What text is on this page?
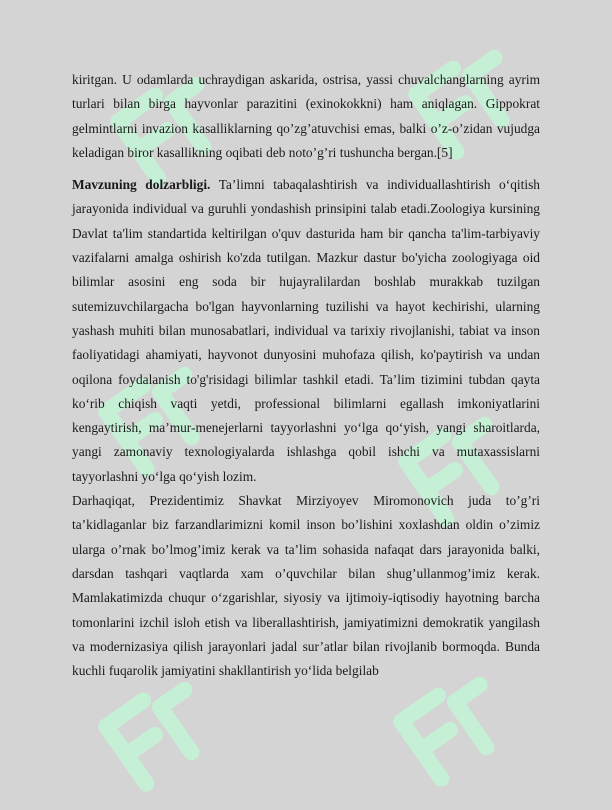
kiritgan. U odamlarda uchraydigan askarida, ostrisa, yassi chuvalchanglarning ayrim turlari bilan birga hayvonlar parazitini (exinokokkni) ham aniqlagan. Gippokrat gelmintlarni invazion kasalliklarning qo’zg’atuvchisi emas, balki o’z-o’zidan vujudga keladigan biror kasallikning oqibati deb noto’g’ri tushuncha bergan.[5]

Mavzuning dolzarbligi. Ta’limni tabaqalashtirish va individuallashtirish o‘qitish jarayonida individual va guruhli yondashish prinsipini talab etadi.Zoologiya kursining Davlat ta'lim standartida keltirilgan o'quv dasturida ham bir qancha ta'lim-tarbiyaviy vazifalarni amalga oshirish ko'zda tutilgan. Mazkur dastur bo'yicha zoologiyaga oid bilimlar asosini eng soda bir hujayralilardan boshlab murakkab tuzilgan sutemizuvchilargacha bo'lgan hayvonlarning tuzilishi va hayot kechirishi, ularning yashash muhiti bilan munosabatlari, individual va tarixiy rivojlanishi, tabiat va inson faoliyatidagi ahamiyati, hayvonot dunyosini muhofaza qilish, ko'paytirish va undan oqilona foydalanish to'g'risidagi bilimlar tashkil etadi. Ta’lim tizimini tubdan qayta ko‘rib chiqish vaqti yetdi, professional bilimlarni egallash imkoniyatlarini kengaytirish, ma’mur-menejerlarni tayyorlashni yo‘lga qo‘yish, yangi sharoitlarda, yangi zamonaviy texnologiyalarda ishlashga qobil ishchi va mutaxassislarni tayyorlashni yo‘lga qo‘yish lozim.

Darhaqiqat, Prezidentimiz Shavkat Mirziyoyev Miromonovich juda to’g’ri ta’kidlaganlar biz farzandlarimizni komil inson bo’lishini xoxlashdan oldin o’zimiz ularga o’rnak bo’lmog’imiz kerak va ta’lim sohasida nafaqat dars jarayonida balki, darsdan tashqari vaqtlarda xam o’quvchilar bilan shug’ullanmog’imiz kerak. Mamlakatimizda chuqur o‘zgarishlar, siyosiy va ijtimoiy-iqtisodiy hayotning barcha tomonlarini izchil isloh etish va liberallashtirish, jamiyatimizni demokratik yangilash va modernizasiya qilish jarayonlari jadal sur’atlar bilan rivojlanib bormoqda. Bunda kuchli fuqarolik jamiyatini shakllantirish yo‘lida belgilab
